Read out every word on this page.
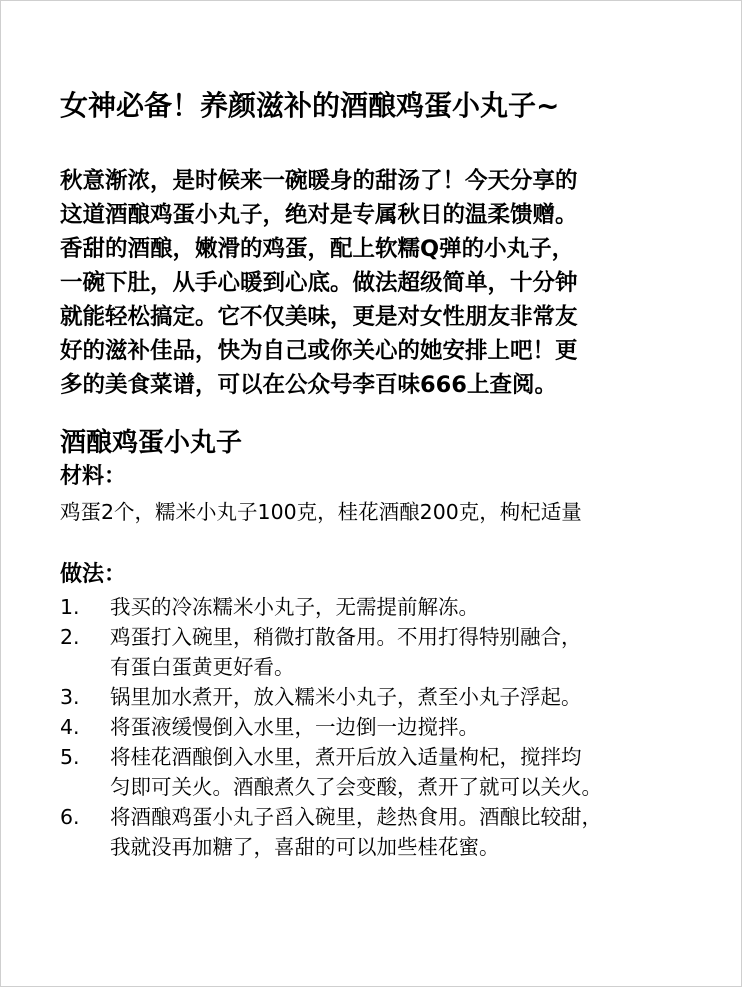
女神必备！养颜滋补的酒酿鸡蛋小丸子~
秋意渐浓，是时候来一碗暖身的甜汤了！今天分享的
这道酒酿鸡蛋小丸子，绝对是专属秋日的温柔馈赠。
香甜的酒酿，嫩滑的鸡蛋，配上软糯Q弹的小丸子，
一碗下肚，从手心暖到心底。做法超级简单，十分钟
就能轻松搞定。它不仅美味，更是对女性朋友非常友
好的滋补佳品，快为自己或你关心的她安排上吧！更
多的美食菜谱，可以在公众号李百味666上查阅。
酒酿鸡蛋小丸子
材料：
鸡蛋2个，糯米小丸子100克，桂花酒酿200克，枸杞适量
做法：
1.	我买的冷冻糯米小丸子，无需提前解冻。
2.	鸡蛋打入碗里，稍微打散备用。不用打得特别融合，
有蛋白蛋黄更好看。
3.	锅里加水煮开，放入糯米小丸子，煮至小丸子浮起。
4.	将蛋液缓慢倒入水里，一边倒一边搅拌。
5.	将桂花酒酿倒入水里，煮开后放入适量枸杞，搅拌均
匀即可关火。酒酿煮久了会变酸，煮开了就可以关火。
6.	将酒酿鸡蛋小丸子舀入碗里，趁热食用。酒酿比较甜，
我就没再加糖了，喜甜的可以加些桂花蜜。
